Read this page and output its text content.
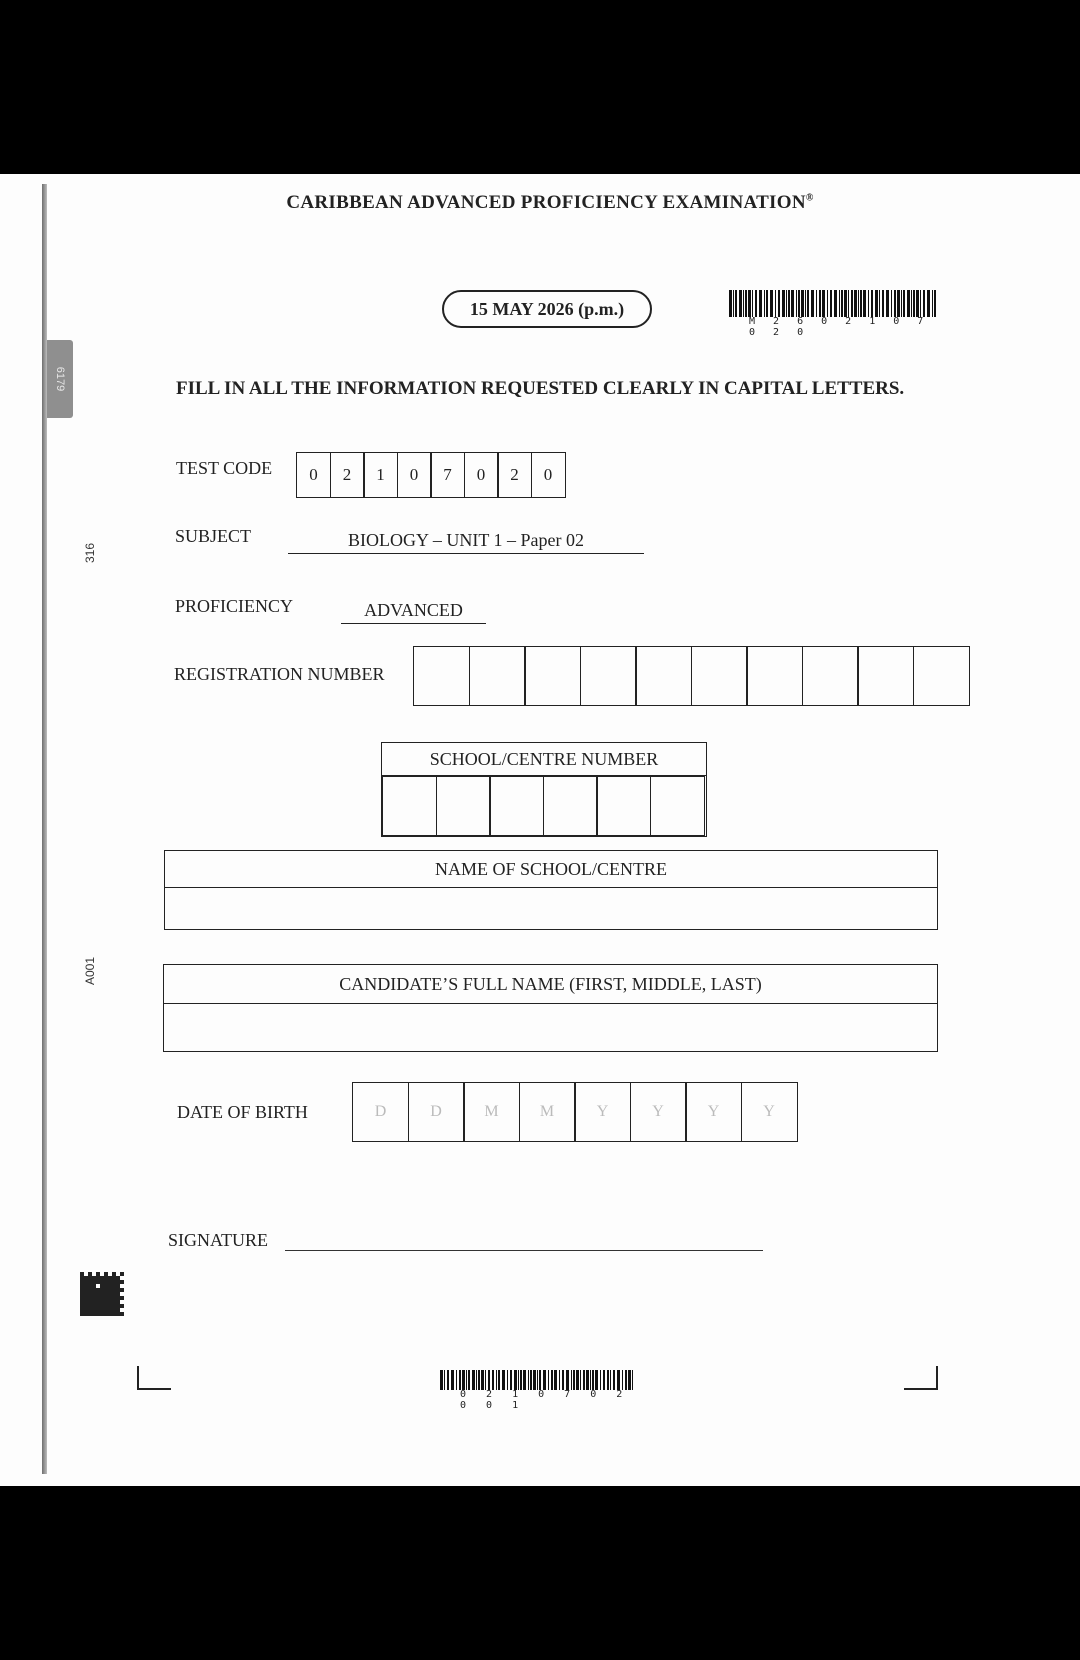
6179
316
A001
CARIBBEAN ADVANCED PROFICIENCY EXAMINATION®
15 MAY 2026 (p.m.)
M 2 6 0 2 1 0 7 0 2 0
FILL IN ALL THE INFORMATION REQUESTED CLEARLY IN CAPITAL LETTERS.
TEST CODE	0	2	1	0	7	0	2	0
SUBJECT	BIOLOGY – UNIT 1 – Paper 02
PROFICIENCY	ADVANCED
REGISTRATION NUMBER
SCHOOL/CENTRE NUMBER
NAME OF SCHOOL/CENTRE
CANDIDATE’S FULL NAME (FIRST, MIDDLE, LAST)
DATE OF BIRTH	D	D	M	M	Y	Y	Y	Y
SIGNATURE
0 2 1 0 7 0 2 0 0 1
